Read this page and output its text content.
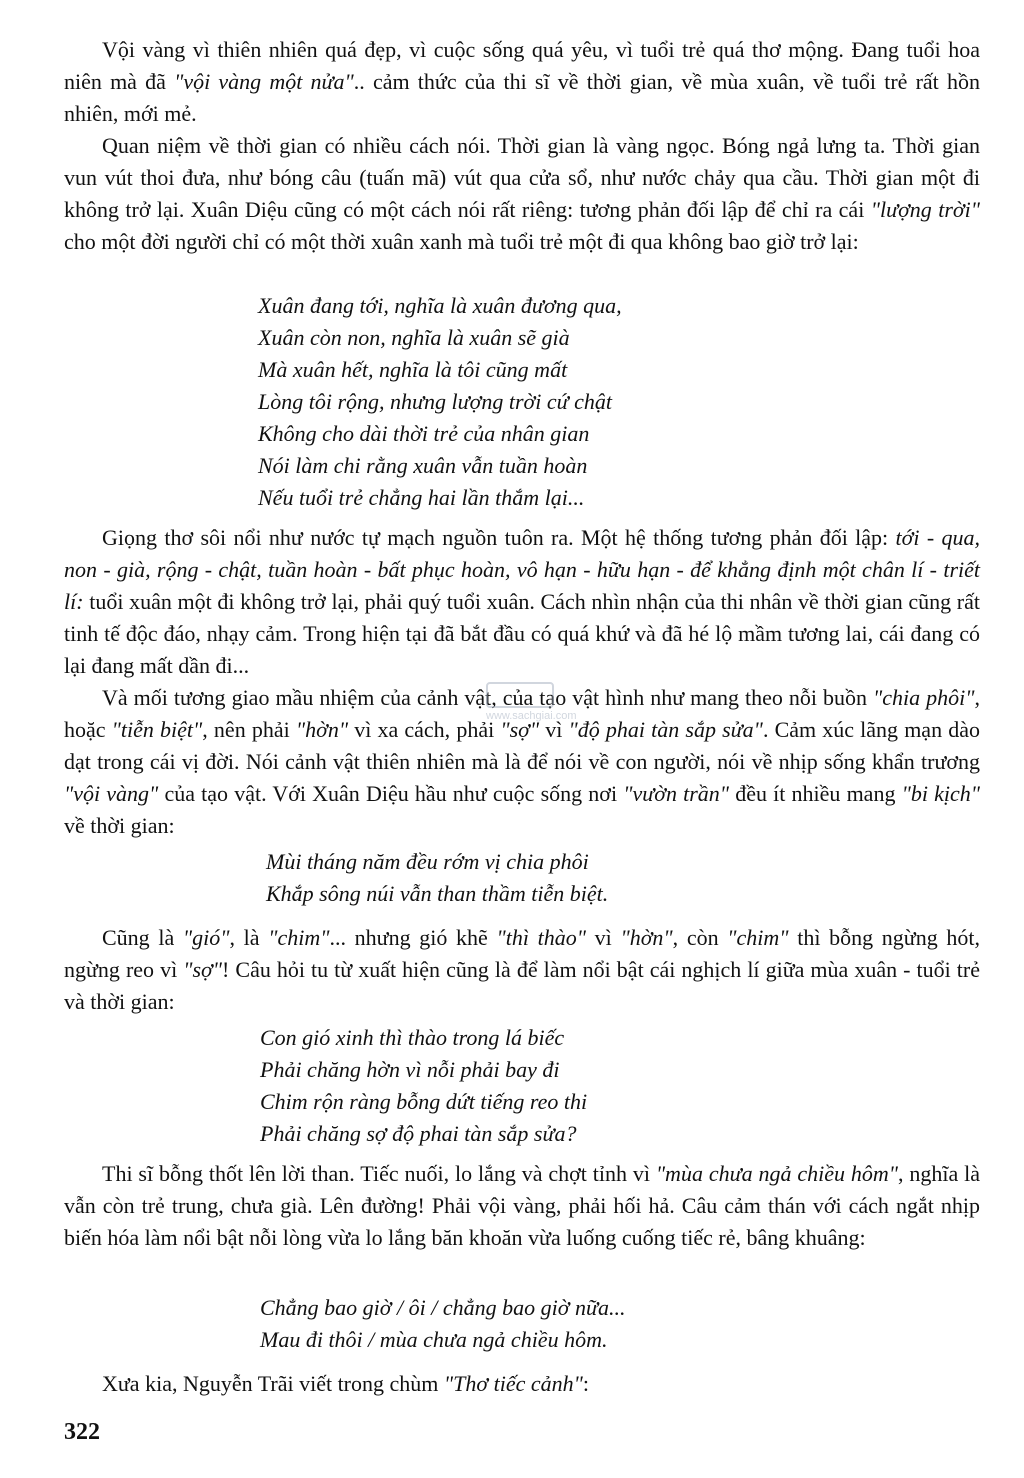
Vội vàng vì thiên nhiên quá đẹp, vì cuộc sống quá yêu, vì tuổi trẻ quá thơ mộng. Đang tuổi hoa niên mà đã "vội vàng một nửa".. cảm thức của thi sĩ về thời gian, về mùa xuân, về tuổi trẻ rất hồn nhiên, mới mẻ.

Quan niệm về thời gian có nhiều cách nói. Thời gian là vàng ngọc. Bóng ngả lưng ta. Thời gian vun vút thoi đưa, như bóng câu (tuấn mã) vút qua cửa sổ, như nước chảy qua cầu. Thời gian một đi không trở lại. Xuân Diệu cũng có một cách nói rất riêng: tương phản đối lập để chỉ ra cái "lượng trời" cho một đời người chỉ có một thời xuân xanh mà tuổi trẻ một đi qua không bao giờ trở lại:

Xuân đang tới, nghĩa là xuân đương qua,
Xuân còn non, nghĩa là xuân sẽ già
Mà xuân hết, nghĩa là tôi cũng mất
Lòng tôi rộng, nhưng lượng trời cứ chật
Không cho dài thời trẻ của nhân gian
Nói làm chi rằng xuân vẫn tuần hoàn
Nếu tuổi trẻ chẳng hai lần thắm lại...

Giọng thơ sôi nổi như nước tự mạch nguồn tuôn ra. Một hệ thống tương phản đối lập: tới - qua, non - già, rộng - chật, tuần hoàn - bất phục hoàn, vô hạn - hữu hạn - để khẳng định một chân lí - triết lí: tuổi xuân một đi không trở lại, phải quý tuổi xuân. Cách nhìn nhận của thi nhân về thời gian cũng rất tinh tế độc đáo, nhạy cảm. Trong hiện tại đã bắt đầu có quá khứ và đã hé lộ mầm tương lai, cái đang có lại đang mất dần đi...

Và mối tương giao mầu nhiệm của cảnh vật, của tạo vật hình như mang theo nỗi buồn "chia phôi", hoặc "tiễn biệt", nên phải "hờn" vì xa cách, phải "sợ" vì "độ phai tàn sắp sửa". Cảm xúc lãng mạn dào dạt trong cái vị đời. Nói cảnh vật thiên nhiên mà là để nói về con người, nói về nhịp sống khẩn trương "vội vàng" của tạo vật. Với Xuân Diệu hầu như cuộc sống nơi "vườn trần" đều ít nhiều mang "bi kịch" về thời gian:

Mùi tháng năm đều rớm vị chia phôi
Khắp sông núi vẫn than thầm tiễn biệt.

Cũng là "gió", là "chim"... nhưng gió khẽ "thì thào" vì "hờn", còn "chim" thì bỗng ngừng hót, ngừng reo vì "sợ"! Câu hỏi tu từ xuất hiện cũng là để làm nổi bật cái nghịch lí giữa mùa xuân - tuổi trẻ và thời gian:

Con gió xinh thì thào trong lá biếc
Phải chăng hờn vì nỗi phải bay đi
Chim rộn ràng bỗng dứt tiếng reo thi
Phải chăng sợ độ phai tàn sắp sửa?

Thi sĩ bỗng thốt lên lời than. Tiếc nuối, lo lắng và chợt tỉnh vì "mùa chưa ngả chiều hôm", nghĩa là vẫn còn trẻ trung, chưa già. Lên đường! Phải vội vàng, phải hối hả. Câu cảm thán với cách ngắt nhịp biến hóa làm nổi bật nỗi lòng vừa lo lắng băn khoăn vừa luống cuống tiếc rẻ, bâng khuâng:

Chẳng bao giờ / ôi / chẳng bao giờ nữa...
Mau đi thôi / mùa chưa ngả chiều hôm.

Xưa kia, Nguyễn Trãi viết trong chùm "Thơ tiếc cảnh":

www.sachgiai.com
322
